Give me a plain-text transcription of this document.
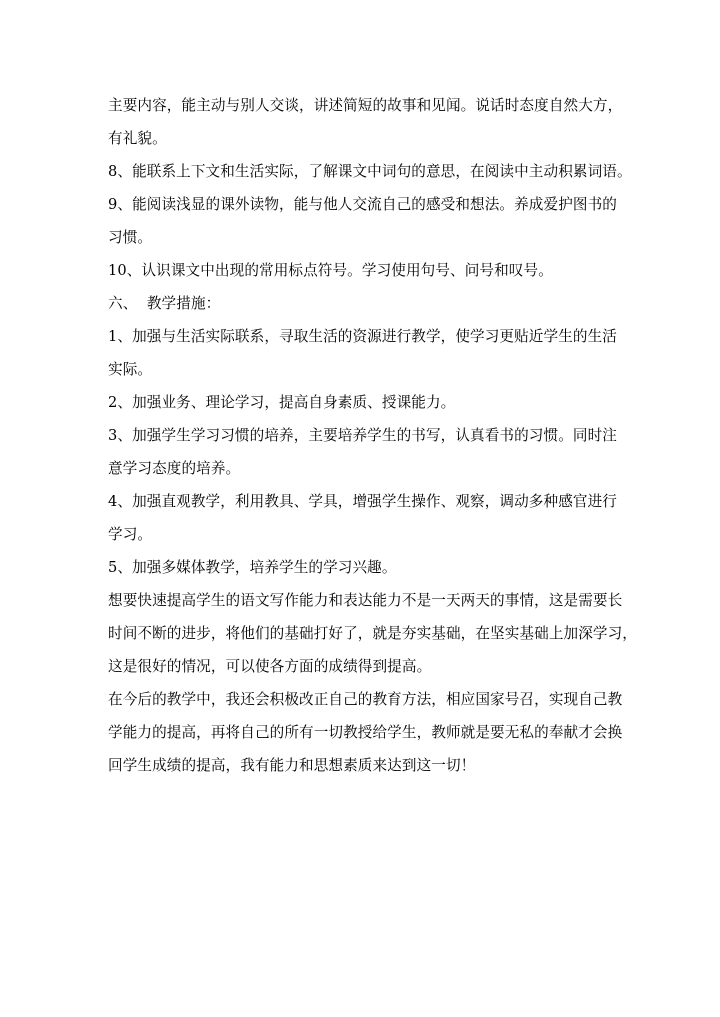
主要内容，能主动与别人交谈，讲述简短的故事和见闻。说话时态度自然大方，
有礼貌。

8、能联系上下文和生活实际，了解课文中词句的意思，在阅读中主动积累词语。

9、能阅读浅显的课外读物，能与他人交流自己的感受和想法。养成爱护图书的
习惯。

10、认识课文中出现的常用标点符号。学习使用句号、问号和叹号。

六、  教学措施：

1、加强与生活实际联系，寻取生活的资源进行教学，使学习更贴近学生的生活
实际。

2、加强业务、理论学习，提高自身素质、授课能力。

3、加强学生学习习惯的培养，主要培养学生的书写，认真看书的习惯。同时注
意学习态度的培养。

4、加强直观教学，利用教具、学具，增强学生操作、观察，调动多种感官进行
学习。

5、加强多媒体教学，培养学生的学习兴趣。

想要快速提高学生的语文写作能力和表达能力不是一天两天的事情，这是需要长
时间不断的进步，将他们的基础打好了，就是夯实基础，在坚实基础上加深学习，
这是很好的情况，可以使各方面的成绩得到提高。

在今后的教学中，我还会积极改正自己的教育方法，相应国家号召，实现自己教
学能力的提高，再将自己的所有一切教授给学生，教师就是要无私的奉献才会换
回学生成绩的提高，我有能力和思想素质来达到这一切！
